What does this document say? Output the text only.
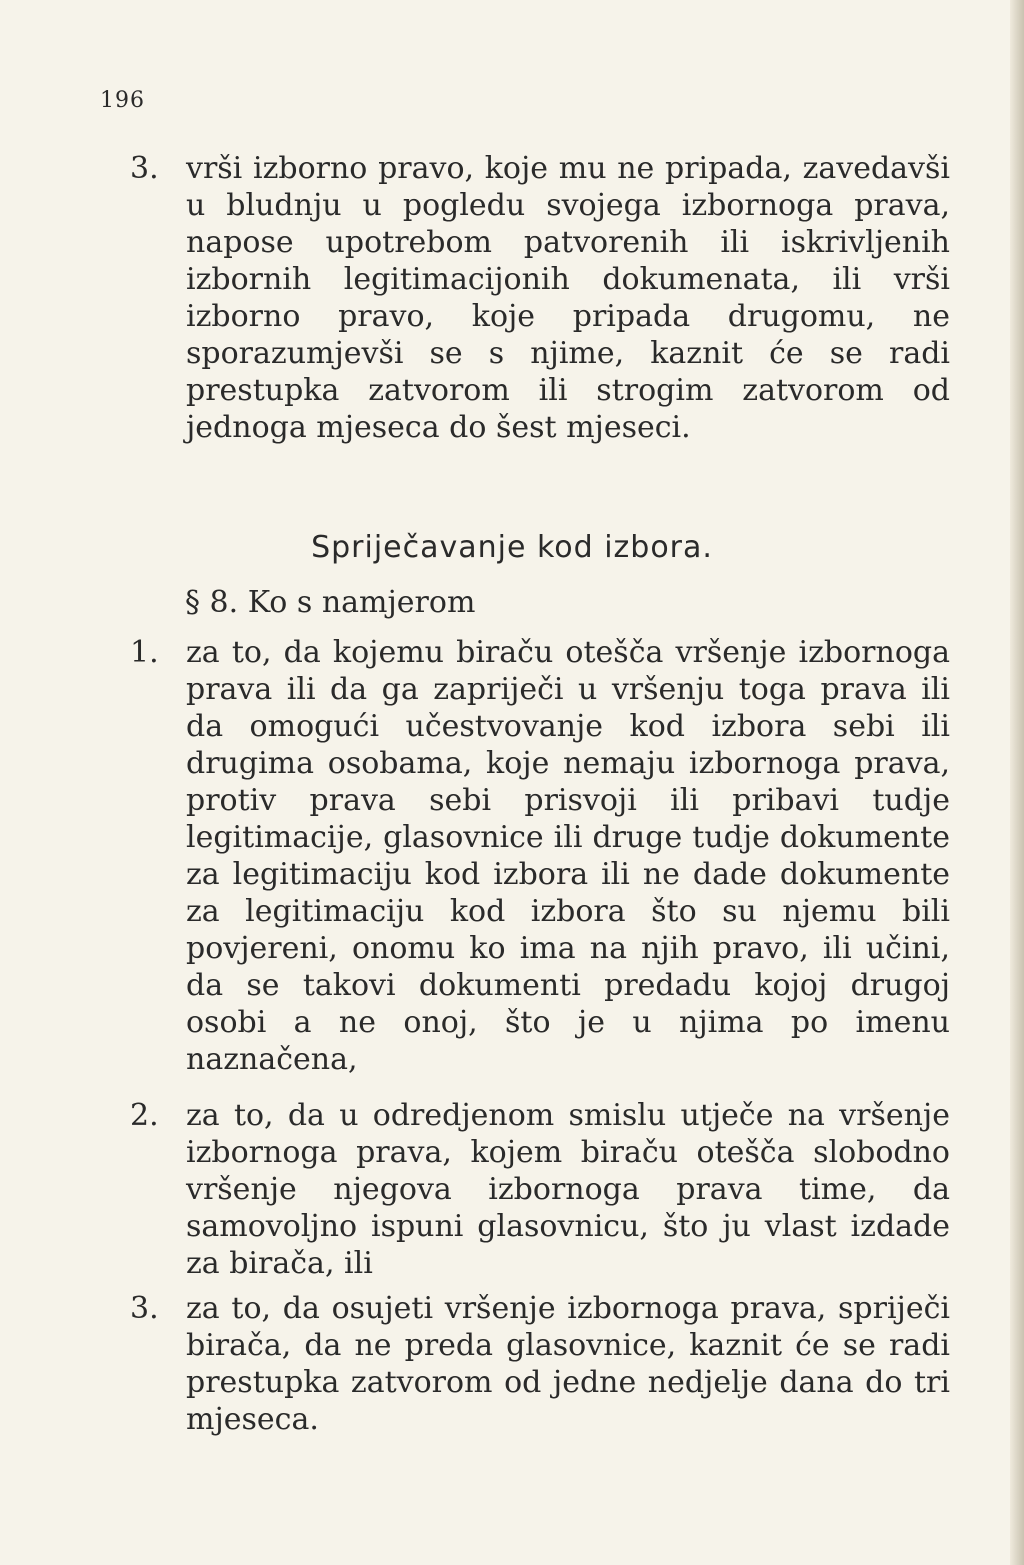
196
3. vrši izborno pravo, koje mu ne pripada, zavedavši u bludnju u pogledu svojega izbornoga prava, napose upotrebom patvorenih ili iskrivljenih izbornih legitimacijonih dokumenata, ili vrši izborno pravo, koje pripada drugomu, ne sporazumjevši se s njime, kaznit će se radi prestupka zatvorom ili strogim zatvorom od jednoga mjeseca do šest mjeseci.
Spriječavanje kod izbora.
§ 8. Ko s namjerom
1. za to, da kojemu biraču otešča vršenje izbornoga prava ili da ga zapriječi u vršenju toga prava ili da omogući učestvovanje kod izbora sebi ili drugima osobama, koje nemaju izbornoga prava, protiv prava sebi prisvoji ili pribavi tudje legitimacije, glasovnice ili druge tudje dokumente za legitimaciju kod izbora ili ne dade dokumente za legitimaciju kod izbora što su njemu bili povjereni, onomu ko ima na njih pravo, ili učini, da se takovi dokumenti predadu kojoj drugoj osobi a ne onoj, što je u njima po imenu naznačena,
2. za to, da u odredjenom smislu utječe na vršenje izbornoga prava, kojem biraču otešča slobodno vršenje njegova izbornoga prava time, da samovoljno ispuni glasovnicu, što ju vlast izdade za birača, ili
3. za to, da osujeti vršenje izbornoga prava, spriječi birača, da ne preda glasovnice, kaznit će se radi prestupka zatvorom od jedne nedjelje dana do tri mjeseca.
